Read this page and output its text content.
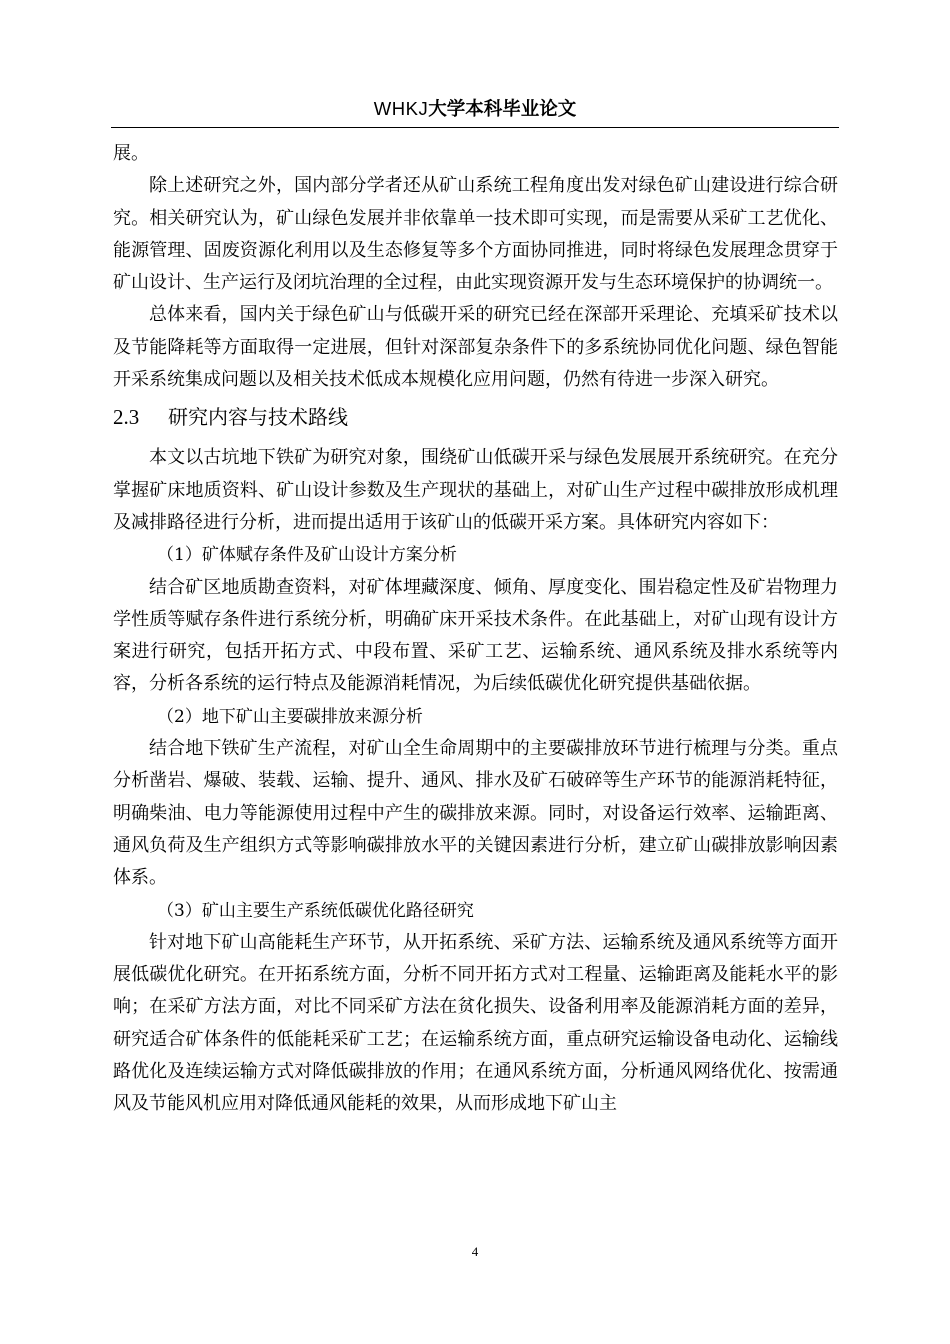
WHKJ大学本科毕业论文

展。

除上述研究之外，国内部分学者还从矿山系统工程角度出发对绿色矿山建设进行综合研究。相关研究认为，矿山绿色发展并非依靠单一技术即可实现，而是需要从采矿工艺优化、能源管理、固废资源化利用以及生态修复等多个方面协同推进，同时将绿色发展理念贯穿于矿山设计、生产运行及闭坑治理的全过程，由此实现资源开发与生态环境保护的协调统一。

总体来看，国内关于绿色矿山与低碳开采的研究已经在深部开采理论、充填采矿技术以及节能降耗等方面取得一定进展，但针对深部复杂条件下的多系统协同优化问题、绿色智能开采系统集成问题以及相关技术低成本规模化应用问题，仍然有待进一步深入研究。

2.3	研究内容与技术路线

本文以古坑地下铁矿为研究对象，围绕矿山低碳开采与绿色发展展开系统研究。在充分掌握矿床地质资料、矿山设计参数及生产现状的基础上，对矿山生产过程中碳排放形成机理及减排路径进行分析，进而提出适用于该矿山的低碳开采方案。具体研究内容如下：

（1）矿体赋存条件及矿山设计方案分析

结合矿区地质勘查资料，对矿体埋藏深度、倾角、厚度变化、围岩稳定性及矿岩物理力学性质等赋存条件进行系统分析，明确矿床开采技术条件。在此基础上，对矿山现有设计方案进行研究，包括开拓方式、中段布置、采矿工艺、运输系统、通风系统及排水系统等内容，分析各系统的运行特点及能源消耗情况，为后续低碳优化研究提供基础依据。

（2）地下矿山主要碳排放来源分析

结合地下铁矿生产流程，对矿山全生命周期中的主要碳排放环节进行梳理与分类。重点分析凿岩、爆破、装载、运输、提升、通风、排水及矿石破碎等生产环节的能源消耗特征，明确柴油、电力等能源使用过程中产生的碳排放来源。同时，对设备运行效率、运输距离、通风负荷及生产组织方式等影响碳排放水平的关键因素进行分析，建立矿山碳排放影响因素体系。

（3）矿山主要生产系统低碳优化路径研究

针对地下矿山高能耗生产环节，从开拓系统、采矿方法、运输系统及通风系统等方面开展低碳优化研究。在开拓系统方面，分析不同开拓方式对工程量、运输距离及能耗水平的影响；在采矿方法方面，对比不同采矿方法在贫化损失、设备利用率及能源消耗方面的差异，研究适合矿体条件的低能耗采矿工艺；在运输系统方面，重点研究运输设备电动化、运输线路优化及连续运输方式对降低碳排放的作用；在通风系统方面，分析通风网络优化、按需通风及节能风机应用对降低通风能耗的效果，从而形成地下矿山主

4
